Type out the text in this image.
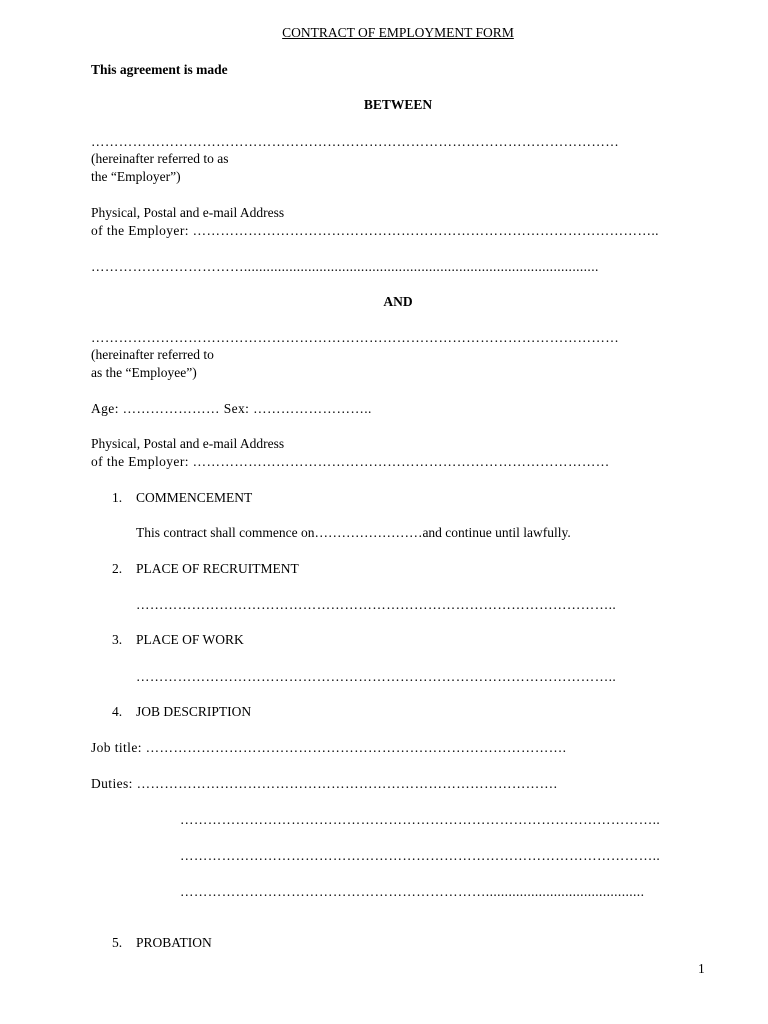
CONTRACT OF EMPLOYMENT FORM
This agreement is made
BETWEEN
……………………………………………………………………………………………………
(hereinafter referred to as
the “Employer”)
Physical, Postal and e-mail Address
of the Employer: ………………………………………………………………………………………..
……………………………..............................................................................................
AND
……………………………………………………………………………………………………
(hereinafter referred to
as the “Employee”)
Age: ………………… Sex: ……………………..
Physical, Postal and e-mail Address
of the Employer: ………………………………………………………………………………
1. COMMENCEMENT
This contract shall commence on……………………and continue until lawfully.
2. PLACE OF RECRUITMENT
…………………………………………………………………………………………..
3. PLACE OF WORK
…………………………………………………………………………………………..
4. JOB DESCRIPTION
Job title: ……………………………………………………………………………….
Duties: ……………………………………………………………………………….
…………………………………………………………………………………………..
…………………………………………………………………………………………..
…………………………………………………………..........................................
5. PROBATION
1
